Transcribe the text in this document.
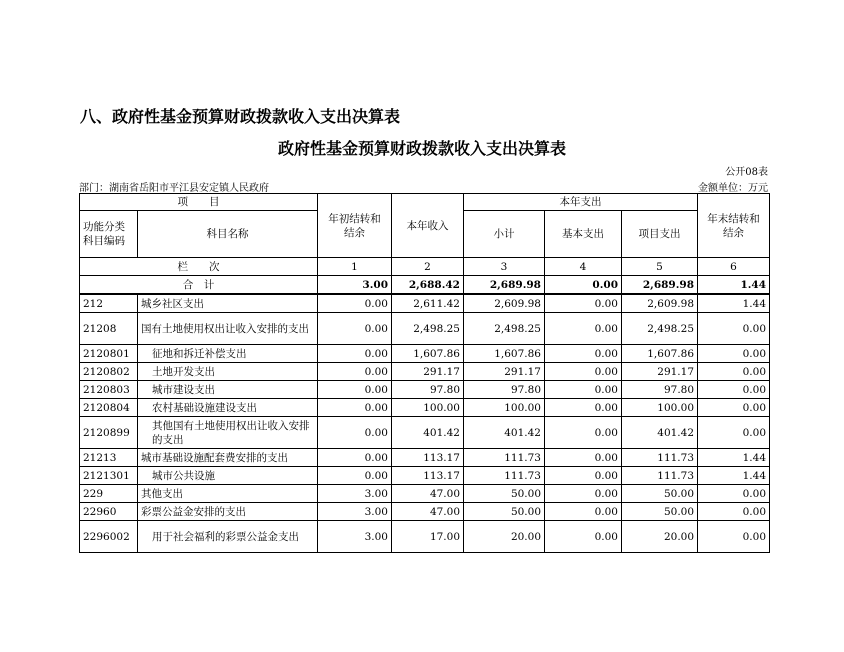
八、政府性基金预算财政拨款收入支出决算表
政府性基金预算财政拨款收入支出决算表
公开08表
部门：湖南省岳阳市平江县安定镇人民政府	金额单位：万元
项　　目		年初结转和
结余	本年收入	本年支出			年末结转和
结余
功能分类
科目编码	科目名称			小计	基本支出	项目支出	
栏　　次		1	2	3	4	5	6
合　计		3.00	2,688.42	2,689.98	0.00	2,689.98	1.44
212	城乡社区支出	0.00	2,611.42	2,609.98	0.00	2,609.98	1.44
21208	国有土地使用权出让收入安排的支出	0.00	2,498.25	2,498.25	0.00	2,498.25	0.00
2120801	征地和拆迁补偿支出	0.00	1,607.86	1,607.86	0.00	1,607.86	0.00
2120802	土地开发支出	0.00	291.17	291.17	0.00	291.17	0.00
2120803	城市建设支出	0.00	97.80	97.80	0.00	97.80	0.00
2120804	农村基础设施建设支出	0.00	100.00	100.00	0.00	100.00	0.00
2120899	其他国有土地使用权出让收入安排的支出	0.00	401.42	401.42	0.00	401.42	0.00
21213	城市基础设施配套费安排的支出	0.00	113.17	111.73	0.00	111.73	1.44
2121301	城市公共设施	0.00	113.17	111.73	0.00	111.73	1.44
229	其他支出	3.00	47.00	50.00	0.00	50.00	0.00
22960	彩票公益金安排的支出	3.00	47.00	50.00	0.00	50.00	0.00
2296002	用于社会福利的彩票公益金支出	3.00	17.00	20.00	0.00	20.00	0.00
